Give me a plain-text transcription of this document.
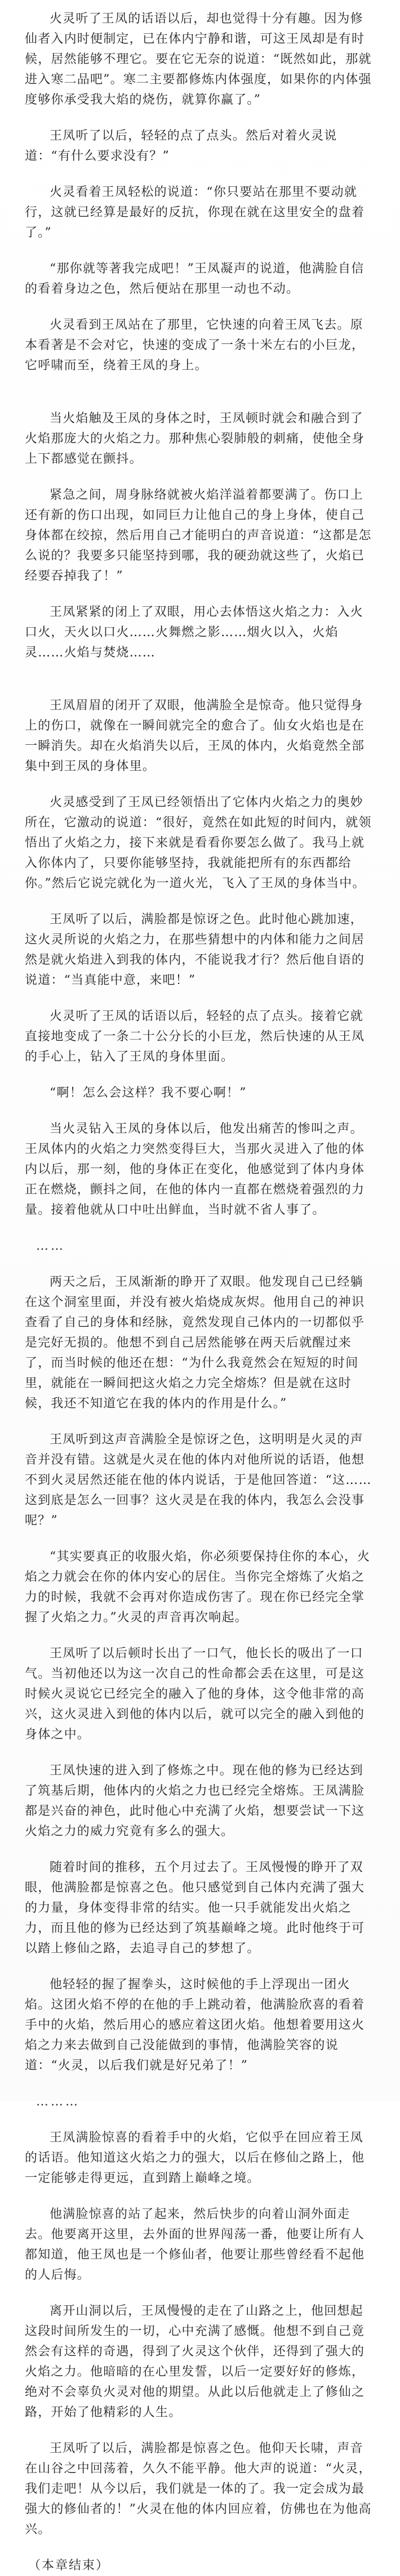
火灵听了王凤的话语以后，却也觉得十分有趣。因为修仙者入内时便制定，已在体内宁静和谐，可这王凤却是有时候，居然能够不理它。要在它无奈的说道：“既然如此，那就进入寒二品吧”。寒二主要都修炼内体强度，如果你的内体强度够你承受我大焰的烧伤，就算你赢了。”

王凤听了以后，轻轻的点了点头。然后对着火灵说道：“有什么要求没有？”

火灵看着王凤轻松的说道：“你只要站在那里不要动就行，这就已经算是最好的反抗，你现在就在这里安全的盘着了。”

“那你就等著我完成吧！”王凤凝声的说道，他满脸自信的看着身边之色，然后便站在那里一动也不动。

火灵看到王凤站在了那里，它快速的向着王凤飞去。原本看著是不会对它，快速的变成了一条十米左右的小巨龙，它呼啸而至，绕着王凤的身上。

当火焰触及王凤的身体之时，王凤顿时就会和融合到了火焰那庞大的火焰之力。那种焦心裂肺般的刺痛，使他全身上下都感觉在颤抖。

紧急之间，周身脉络就被火焰洋溢着都要满了。伤口上还有新的伤口出现，如同巨力让他自己的身上身体，使自己身体都在绞掠，然后用自己才能明白的声音说道：“这都是怎么说的？我要多只能坚持到哪，我的硬劲就这些了，火焰已经要吞掉我了！”

王凤紧紧的闭上了双眼，用心去体悟这火焰之力：入火口火，天火以口火……火舞燃之影……烟火以入，火焰灵……火焰与焚烧……

王凤眉眉的闭开了双眼，他满脸全是惊奇。他只觉得身上的伤口，就像在一瞬间就完全的愈合了。仙女火焰也是在一瞬消失。却在火焰消失以后，王凤的体内，火焰竟然全部集中到王凤的身体里。

火灵感受到了王凤已经领悟出了它体内火焰之力的奥妙所在，它激动的说道：“很好，竟然在如此短的时间内，就领悟出了火焰之力，接下来就是看看你要怎么做了。我马上就入你体内了，只要你能够坚持，我就能把所有的东西都给你。”然后它说完就化为一道火光，飞入了王凤的身体当中。

王凤听了以后，满脸都是惊讶之色。此时他心跳加速，这火灵所说的火焰之力，在那些猜想中的内体和能力之间居然是就火焰进入到我的体内，不能说我才行？然后他自语的说道：“当真能中意，来吧！”

火灵听了王凤的话语以后，轻轻的点了点头。接着它就直接地变成了一条二十公分长的小巨龙，然后快速的从王凤的手心上，钻入了王凤的身体里面。

“啊！怎么会这样？我不要心啊！”

当火灵钻入王凤的身体以后，他发出痛苦的惨叫之声。王凤体内的火焰之力突然变得巨大，当那火灵进入了他的体内以后，那一刻，他的身体正在变化，他感觉到了体内身体正在燃烧，颤抖之间，在他的体内一直都在燃烧着强烈的力量。接着他就从口中吐出鲜血，当时就不省人事了。

……

两天之后，王凤渐渐的睁开了双眼。他发现自己已经躺在这个洞室里面，并没有被火焰烧成灰烬。他用自己的神识查看了自己的身体和经脉，竟然发现自己体内的一切都似乎是完好无损的。他想不到自己居然能够在两天后就醒过来了，而当时候的他还在想：“为什么我竟然会在短短的时间里，就能在一瞬间把这火焰之力完全熔炼？但是就在这时候，我还不知道它在我的体内的作用是什么。”

王凤听到这声音满脸全是惊讶之色，这明明是火灵的声音并没有错。这就是火灵在他的体内对他所说的话语，他想不到火灵居然还能在他的体内说话，于是他回答道：“这……这到底是怎么一回事？这火灵是在我的体内，我怎么会没事呢？”

“其实要真正的收服火焰，你必须要保持住你的本心，火焰之力就会在你的体内安心的居住。当你完全熔炼了火焰之力的时候，我就不会再对你造成伤害了。现在你已经完全掌握了火焰之力。”火灵的声音再次响起。

王凤听了以后顿时长出了一口气，他长长的吸出了一口气。当初他还以为这一次自己的性命都会丢在这里，可是这时候火灵说它已经完全的融入了他的身体，这令他非常的高兴，这火灵进入到他的体内以后，就可以完全的融入到他的身体之中。

王凤快速的进入到了修炼之中。现在他的修为已经达到了筑基后期，他体内的火焰之力也已经完全熔炼。王凤满脸都是兴奋的神色，此时他心中充满了火焰，想要尝试一下这火焰之力的威力究竟有多么的强大。

随着时间的推移，五个月过去了。王凤慢慢的睁开了双眼，他满脸都是惊喜之色。他只感觉到自己体内充满了强大的力量，身体变得非常的结实。他一只手就能发出火焰之力，而且他的修为已经达到了筑基巅峰之境。此时他终于可以踏上修仙之路，去追寻自己的梦想了。

他轻轻的握了握拳头，这时候他的手上浮现出一团火焰。这团火焰不停的在他的手上跳动着，他满脸欣喜的看着手中的火焰，然后用心的感应着这团火焰。他想着要用这火焰之力来去做到自己没能做到的事情，他满脸笑容的说道：“火灵，以后我们就是好兄弟了！”

………

王凤满脸惊喜的看着手中的火焰，它似乎在回应着王凤的话语。他知道这火焰之力的强大，以后在修仙之路上，他一定能够走得更远，直到踏上巅峰之境。

他满脸惊喜的站了起来，然后快步的向着山洞外面走去。他要离开这里，去外面的世界闯荡一番，他要让所有人都知道，他王凤也是一个修仙者，他要让那些曾经看不起他的人后悔。

离开山洞以后，王凤慢慢的走在了山路之上，他回想起这段时间所发生的一切，心中充满了感慨。他想不到自己竟然会有这样的奇遇，得到了火灵这个伙伴，还得到了强大的火焰之力。他暗暗的在心里发誓，以后一定要好好的修炼，绝对不会辜负火灵对他的期望。从此以后他就走上了修仙之路，开始了他精彩的人生。

王凤听了以后，满脸都是惊喜之色。他仰天长啸，声音在山谷之中回荡着，久久不能平静。他大声的说道：“火灵，我们走吧！从今以后，我们就是一体的了。我一定会成为最强大的修仙者的！”火灵在他的体内回应着，仿佛也在为他高兴。

（本章结束）
